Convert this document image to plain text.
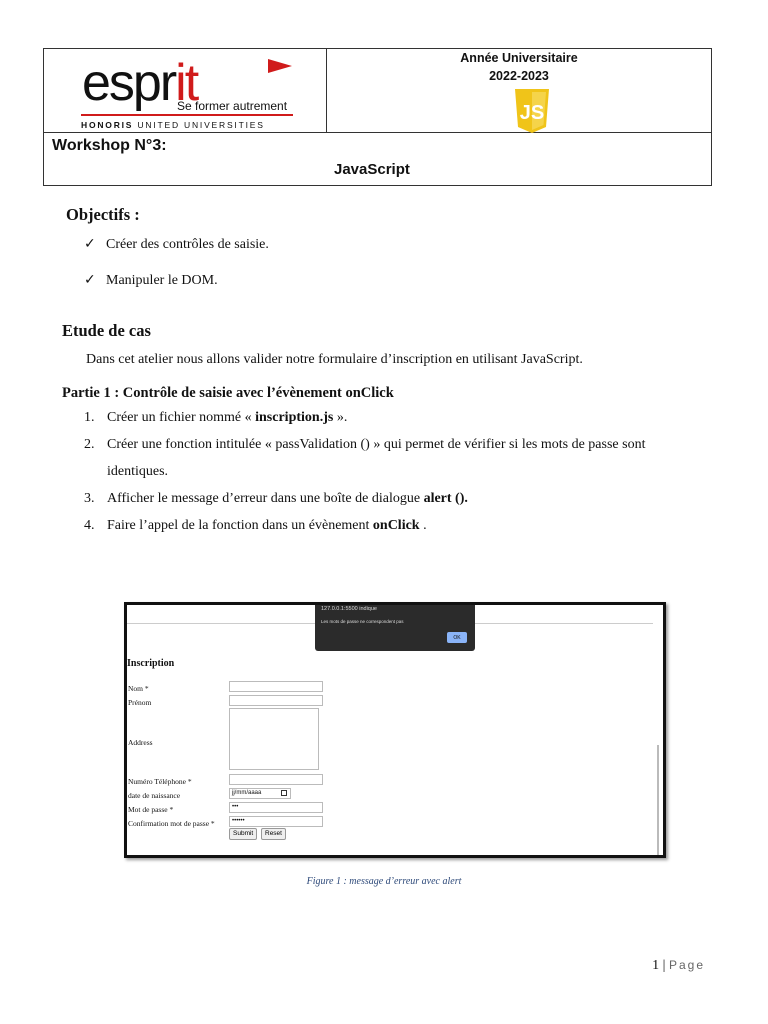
esprit
Se former autrement
HONORIS UNITED UNIVERSITIES
Année Universitaire
2022-2023
JS
Workshop N°3:
JavaScript
Objectifs :
✓ Créer des contrôles de saisie.
✓ Manipuler le DOM.
Etude de cas
Dans cet atelier nous allons valider notre formulaire d’inscription en utilisant JavaScript.
Partie 1 : Contrôle de saisie avec l’évènement onClick
1. Créer un fichier nommé « inscription.js ».
2. Créer une fonction intitulée « passValidation () » qui permet de vérifier si les mots de passe sont
identiques.
3. Afficher le message d’erreur dans une boîte de dialogue alert ().
4. Faire l’appel de la fonction dans un évènement onClick .
127.0.0.1:5500 indique
Les mots de passe ne correspondent pas
OK
Inscription
Nom *
Prénom
Address
Numéro Téléphone *
date de naissance	jj/mm/aaaa
Mot de passe *	•••
Confirmation mot de passe *	••••••
Submit	Reset
Figure 1 : message d’erreur avec alert
1 | Page
